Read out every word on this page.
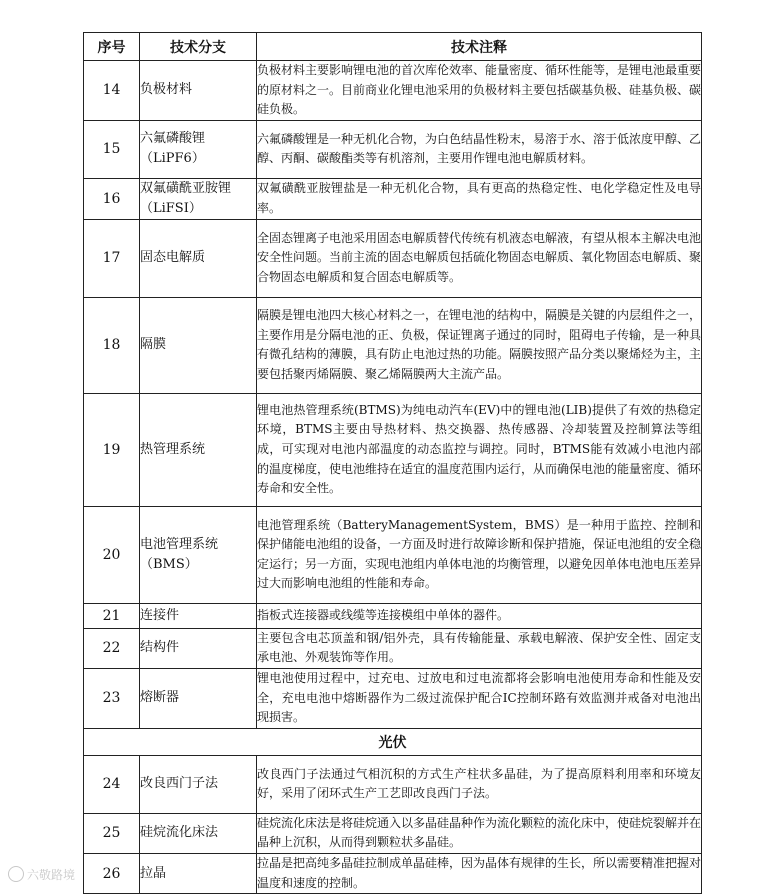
序号	技术分支	技术注释
14	负极材料	负极材料主要影响锂电池的首次库伦效率、能量密度、循环性能等，是锂电池最重要的原材料之一。目前商业化锂电池采用的负极材料主要包括碳基负极、硅基负极、碳硅负极。
15	六氟磷酸锂（LiPF6）	六氟磷酸锂是一种无机化合物，为白色结晶性粉末，易溶于水、溶于低浓度甲醇、乙醇、丙酮、碳酸酯类等有机溶剂，主要用作锂电池电解质材料。
16	双氟磺酰亚胺锂（LiFSI）	双氟磺酰亚胺锂盐是一种无机化合物，具有更高的热稳定性、电化学稳定性及电导率。
17	固态电解质	全固态锂离子电池采用固态电解质替代传统有机液态电解液，有望从根本主解决电池安全性问题。当前主流的固态电解质包括硫化物固态电解质、氧化物固态电解质、聚合物固态电解质和复合固态电解质等。
18	隔膜	隔膜是锂电池四大核心材料之一，在锂电池的结构中，隔膜是关键的内层组件之一，主要作用是分隔电池的正、负极，保证锂离子通过的同时，阻碍电子传输，是一种具有微孔结构的薄膜，具有防止电池过热的功能。隔膜按照产品分类以聚烯烃为主，主要包括聚丙烯隔膜、聚乙烯隔膜两大主流产品。
19	热管理系统	锂电池热管理系统(BTMS)为纯电动汽车(EV)中的锂电池(LIB)提供了有效的热稳定环境，BTMS主要由导热材料、热交换器、热传感器、冷却装置及控制算法等组成，可实现对电池内部温度的动态监控与调控。同时，BTMS能有效减小电池内部的温度梯度，使电池维持在适宜的温度范围内运行，从而确保电池的能量密度、循环寿命和安全性。
20	电池管理系统（BMS）	电池管理系统（BatteryManagementSystem，BMS）是一种用于监控、控制和保护储能电池组的设备，一方面及时进行故障诊断和保护措施，保证电池组的安全稳定运行；另一方面，实现电池组内单体电池的均衡管理，以避免因单体电池电压差异过大而影响电池组的性能和寿命。
21	连接件	指板式连接器或线缆等连接模组中单体的器件。
22	结构件	主要包含电芯顶盖和钢/铝外壳，具有传输能量、承载电解液、保护安全性、固定支承电池、外观装饰等作用。
23	熔断器	锂电池使用过程中，过充电、过放电和过电流都将会影响电池使用寿命和性能及安全，充电电池中熔断器作为二级过流保护配合IC控制环路有效监测并戒备对电池出现损害。
光伏		
24	改良西门子法	改良西门子法通过气相沉积的方式生产柱状多晶硅，为了提高原料利用率和环境友好，采用了闭环式生产工艺即改良西门子法。
25	硅烷流化床法	硅烷流化床法是将硅烷通入以多晶硅晶种作为流化颗粒的流化床中，使硅烷裂解并在晶种上沉积，从而得到颗粒状多晶硅。
26	拉晶	拉晶是把高纯多晶硅拉制成单晶硅棒，因为晶体有规律的生长，所以需要精准把握对温度和速度的控制。
六敬路境
